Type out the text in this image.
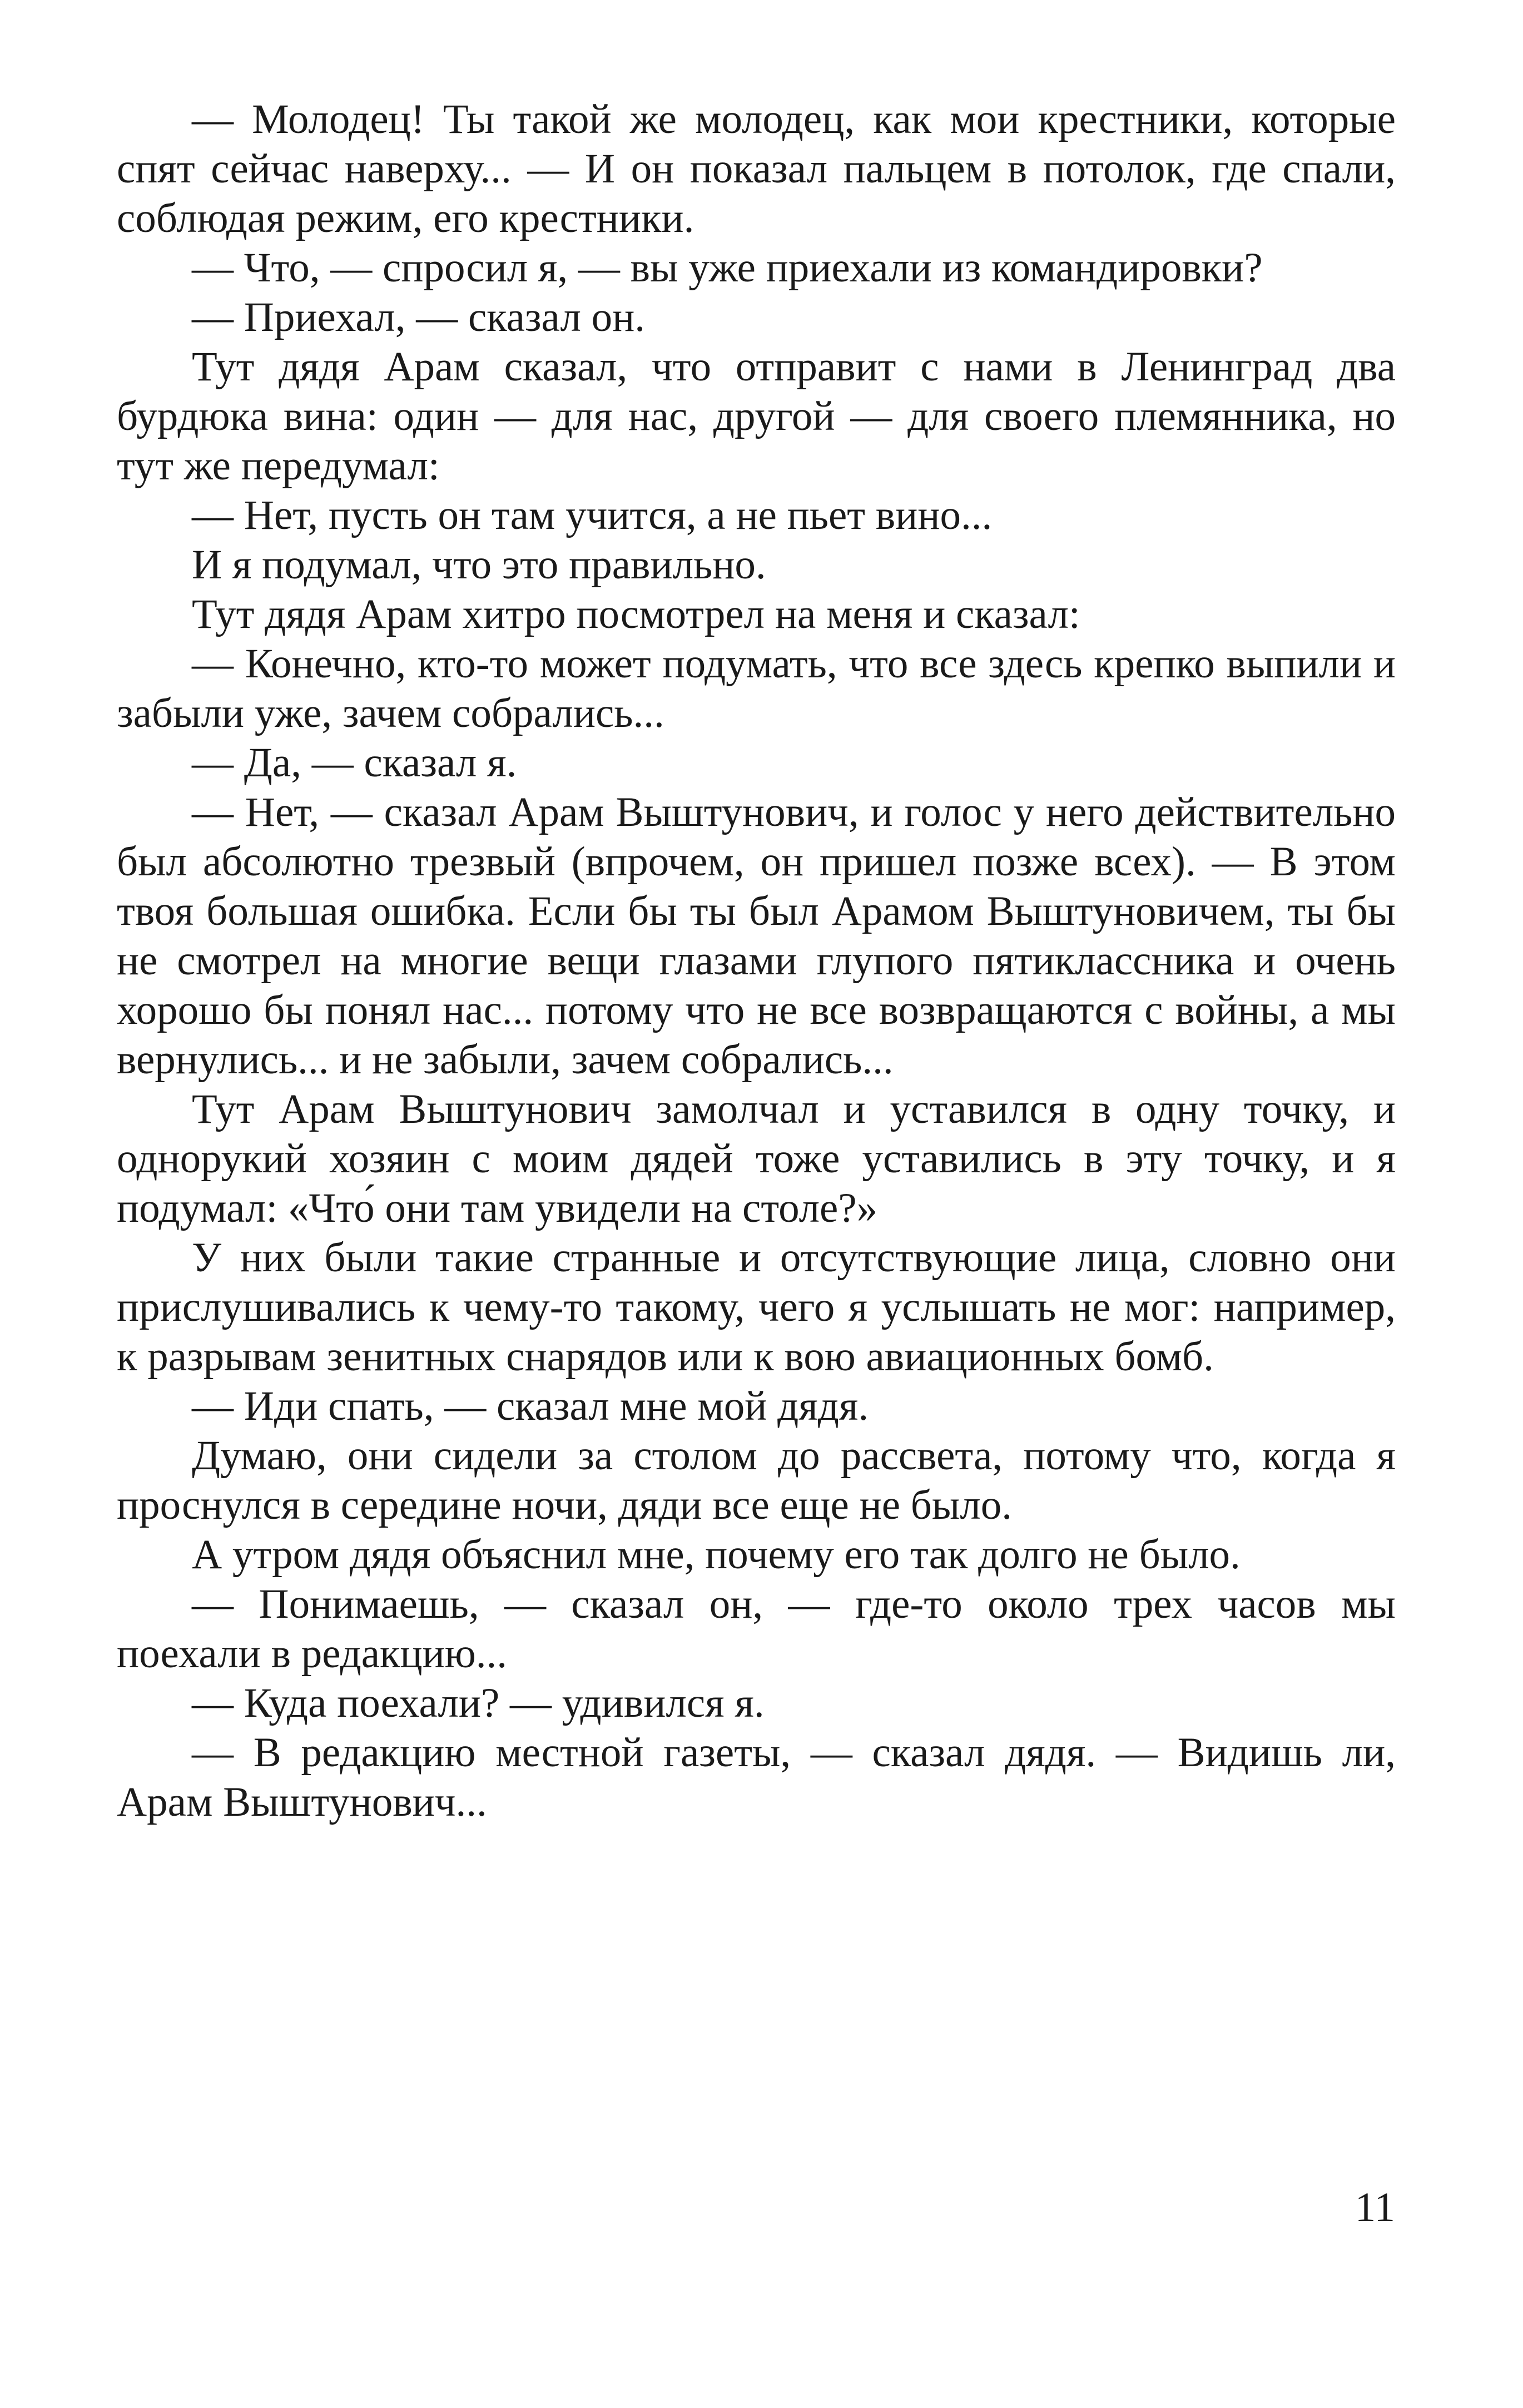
— Молодец! Ты такой же молодец, как мои крестники, которые спят сейчас наверху... — И он показал пальцем в потолок, где спали, соблюдая режим, его крестники.

— Что, — спросил я, — вы уже приехали из командировки?

— Приехал, — сказал он.

Тут дядя Арам сказал, что отправит с нами в Ленинград два бурдюка вина: один — для нас, другой — для своего племянника, но тут же передумал:

— Нет, пусть он там учится, а не пьет вино...

И я подумал, что это правильно.

Тут дядя Арам хитро посмотрел на меня и сказал:

— Конечно, кто-то может подумать, что все здесь крепко выпили и забыли уже, зачем собрались...

— Да, — сказал я.

— Нет, — сказал Арам Выштунович, и голос у него действительно был абсолютно трезвый (впрочем, он пришел позже всех). — В этом твоя большая ошибка. Если бы ты был Арамом Выштуновичем, ты бы не смотрел на многие вещи глазами глупого пятиклассника и очень хорошо бы понял нас... потому что не все возвращаются с войны, а мы вернулись... и не забыли, зачем собрались...

Тут Арам Выштунович замолчал и уставился в одну точку, и однорукий хозяин с моим дядей тоже уставились в эту точку, и я подумал: «Что́ они там увидели на столе?»

У них были такие странные и отсутствующие лица, словно они прислушивались к чему-то такому, чего я услышать не мог: например, к разрывам зенитных снарядов или к вою авиационных бомб.

— Иди спать, — сказал мне мой дядя.

Думаю, они сидели за столом до рассвета, потому что, когда я проснулся в середине ночи, дяди все еще не было.

А утром дядя объяснил мне, почему его так долго не было.

— Понимаешь, — сказал он, — где-то около трех часов мы поехали в редакцию...

— Куда поехали? — удивился я.

— В редакцию местной газеты, — сказал дядя. — Видишь ли, Арам Выштунович...

11
